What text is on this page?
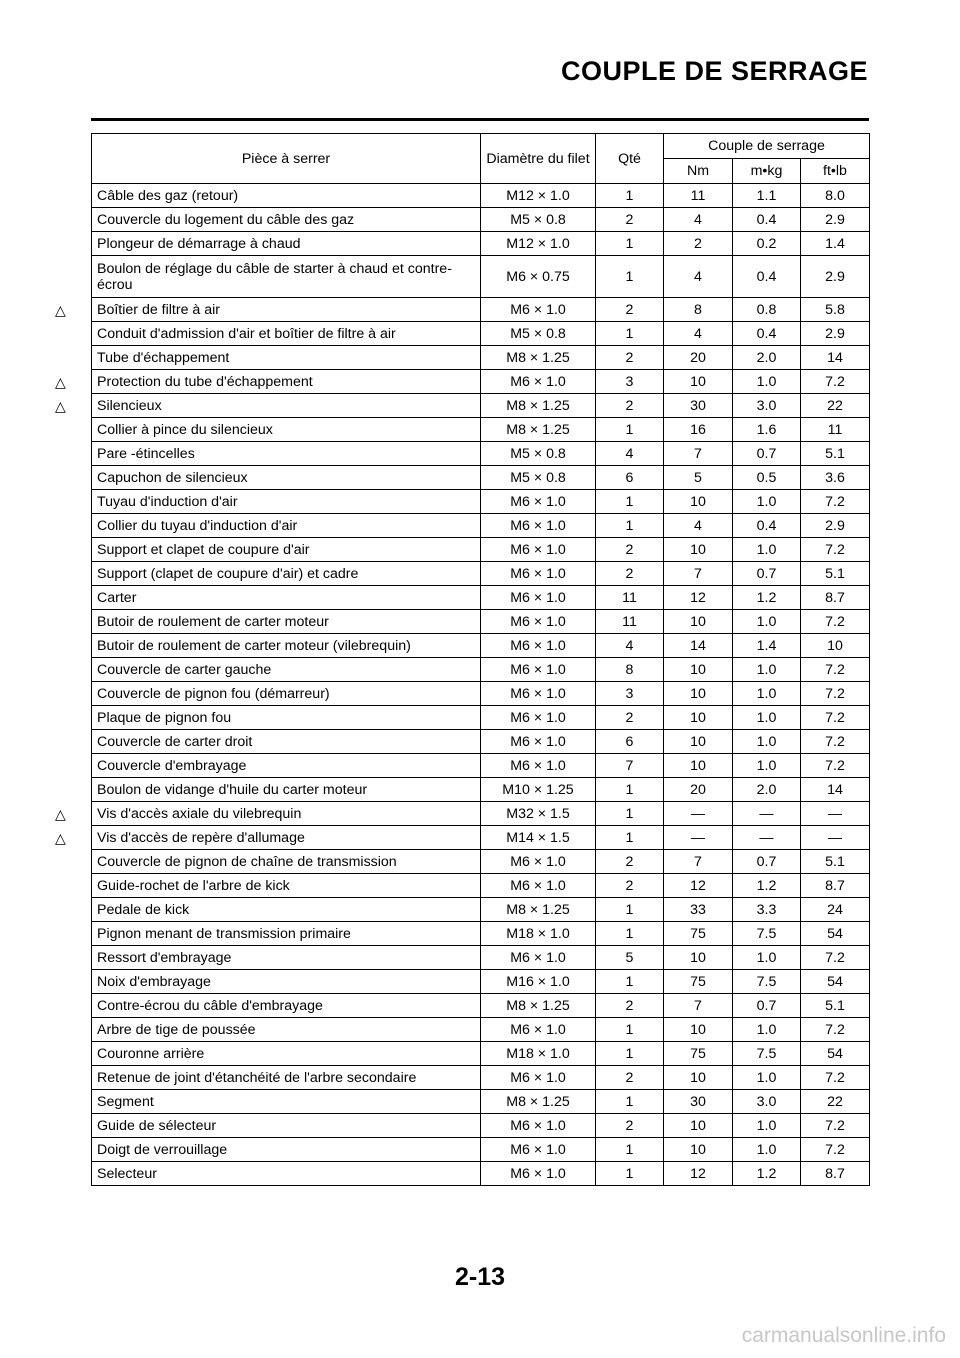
COUPLE DE SERRAGE
Pièce à serrer	Diamètre du filet	Qté	Couple de serrage		
			Nm	m•kg	ft•lb
Câble des gaz (retour)	M12 × 1.0	1	11	1.1	8.0
Couvercle du logement du câble des gaz	M5 × 0.8	2	4	0.4	2.9
Plongeur de démarrage à chaud	M12 × 1.0	1	2	0.2	1.4
Boulon de réglage du câble de starter à chaud et contre-écrou	M6 × 0.75	1	4	0.4	2.9

△ Boîtier de filtre à air	M6 × 1.0	2	8	0.8	5.8
Conduit d'admission d'air et boîtier de filtre à air	M5 × 0.8	1	4	0.4	2.9
Tube d'échappement	M8 × 1.25	2	20	2.0	14

△ Protection du tube d'échappement	M6 × 1.0	3	10	1.0	7.2

△ Silencieux	M8 × 1.25	2	30	3.0	22
Collier à pince du silencieux	M8 × 1.25	1	16	1.6	11
Pare -étincelles	M5 × 0.8	4	7	0.7	5.1
Capuchon de silencieux	M5 × 0.8	6	5	0.5	3.6
Tuyau d'induction d'air	M6 × 1.0	1	10	1.0	7.2
Collier du tuyau d'induction d'air	M6 × 1.0	1	4	0.4	2.9
Support et clapet de coupure d'air	M6 × 1.0	2	10	1.0	7.2
Support (clapet de coupure d'air) et cadre	M6 × 1.0	2	7	0.7	5.1
Carter	M6 × 1.0	11	12	1.2	8.7
Butoir de roulement de carter moteur	M6 × 1.0	11	10	1.0	7.2
Butoir de roulement de carter moteur (vilebrequin)	M6 × 1.0	4	14	1.4	10
Couvercle de carter gauche	M6 × 1.0	8	10	1.0	7.2
Couvercle de pignon fou (démarreur)	M6 × 1.0	3	10	1.0	7.2
Plaque de pignon fou	M6 × 1.0	2	10	1.0	7.2
Couvercle de carter droit	M6 × 1.0	6	10	1.0	7.2
Couvercle d'embrayage	M6 × 1.0	7	10	1.0	7.2
Boulon de vidange d'huile du carter moteur	M10 × 1.25	1	20	2.0	14

△ Vis d'accès axiale du vilebrequin	M32 × 1.5	1	—	—	—

△ Vis d'accès de repère d'allumage	M14 × 1.5	1	—	—	—
Couvercle de pignon de chaîne de transmission	M6 × 1.0	2	7	0.7	5.1
Guide-rochet de l'arbre de kick	M6 × 1.0	2	12	1.2	8.7
Pedale de kick	M8 × 1.25	1	33	3.3	24
Pignon menant de transmission primaire	M18 × 1.0	1	75	7.5	54
Ressort d'embrayage	M6 × 1.0	5	10	1.0	7.2
Noix d'embrayage	M16 × 1.0	1	75	7.5	54
Contre-écrou du câble d'embrayage	M8 × 1.25	2	7	0.7	5.1
Arbre de tige de poussée	M6 × 1.0	1	10	1.0	7.2
Couronne arrière	M18 × 1.0	1	75	7.5	54
Retenue de joint d'étanchéité de l'arbre secondaire	M6 × 1.0	2	10	1.0	7.2
Segment	M8 × 1.25	1	30	3.0	22
Guide de sélecteur	M6 × 1.0	2	10	1.0	7.2
Doigt de verrouillage	M6 × 1.0	1	10	1.0	7.2
Selecteur	M6 × 1.0	1	12	1.2	8.7
2-13
carmanualsonline.info
